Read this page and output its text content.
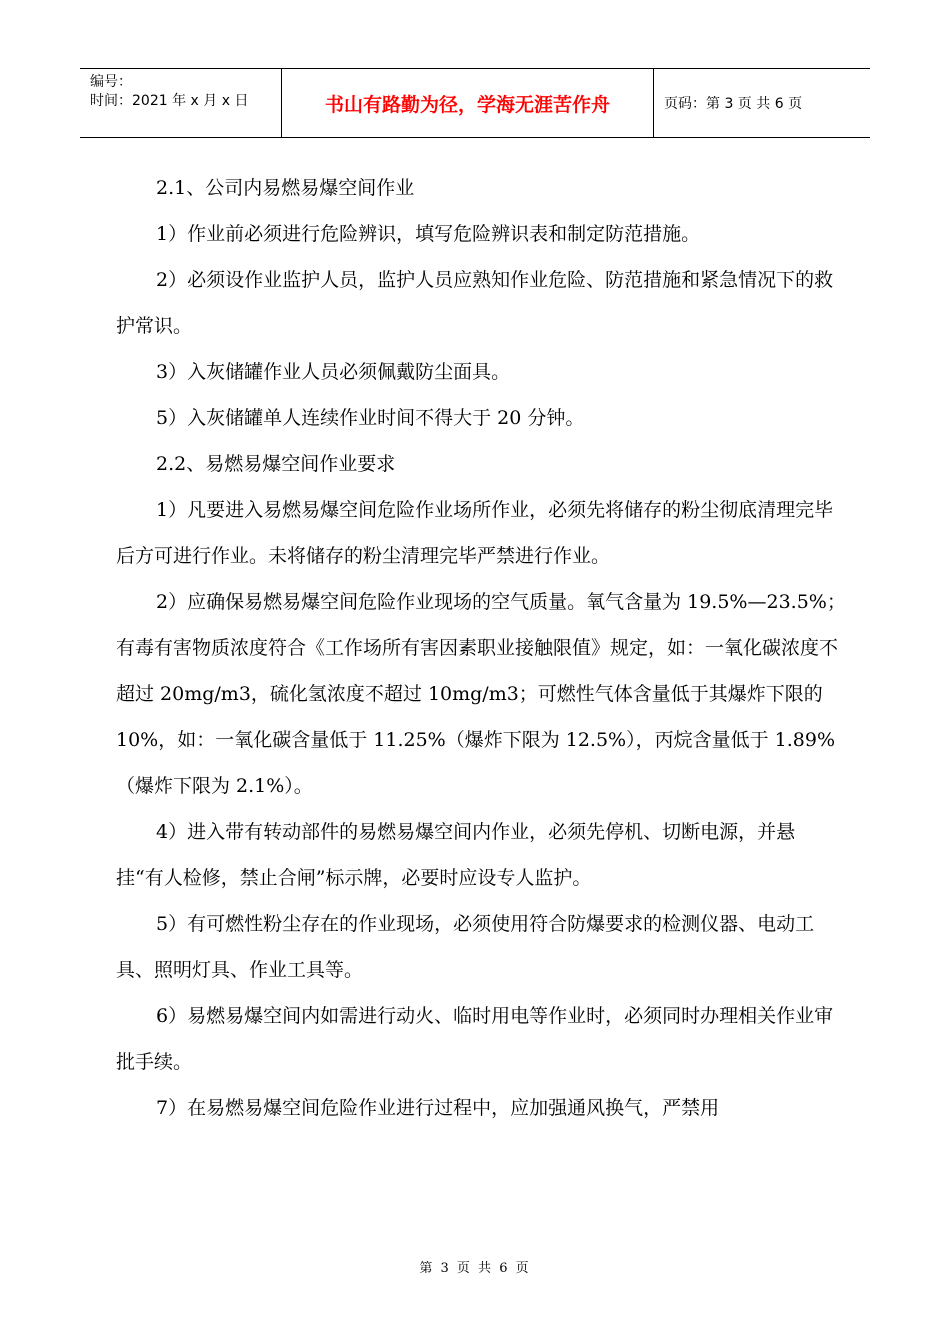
编号：
时间：2021 年 x 月 x 日	书山有路勤为径，学海无涯苦作舟	页码：第 3 页 共 6 页

2.1、公司内易燃易爆空间作业

1）作业前必须进行危险辨识，填写危险辨识表和制定防范措施。

2）必须设作业监护人员，监护人员应熟知作业危险、防范措施和紧急情况下的救护常识。

3）入灰储罐作业人员必须佩戴防尘面具。

5）入灰储罐单人连续作业时间不得大于 20 分钟。

2.2、易燃易爆空间作业要求

1）凡要进入易燃易爆空间危险作业场所作业，必须先将储存的粉尘彻底清理完毕后方可进行作业。未将储存的粉尘清理完毕严禁进行作业。

2）应确保易燃易爆空间危险作业现场的空气质量。氧气含量为 19.5%—23.5%；　有毒有害物质浓度符合《工作场所有害因素职业接触限值》规定，如：一氧化碳浓度不超过 20mg/m3，硫化氢浓度不超过 10mg/m3；可燃性气体含量低于其爆炸下限的 10%，如：一氧化碳含量低于 11.25%（爆炸下限为 12.5%），丙烷含量低于 1.89%（爆炸下限为 2.1%）。

4）进入带有转动部件的易燃易爆空间内作业，必须先停机、切断电源，并悬挂“有人检修，禁止合闸”标示牌，必要时应设专人监护。

5）有可燃性粉尘存在的作业现场，必须使用符合防爆要求的检测仪器、电动工具、照明灯具、作业工具等。

6）易燃易爆空间内如需进行动火、临时用电等作业时，必须同时办理相关作业审批手续。

7）在易燃易爆空间危险作业进行过程中，应加强通风换气，严禁用

第 3 页 共 6 页
